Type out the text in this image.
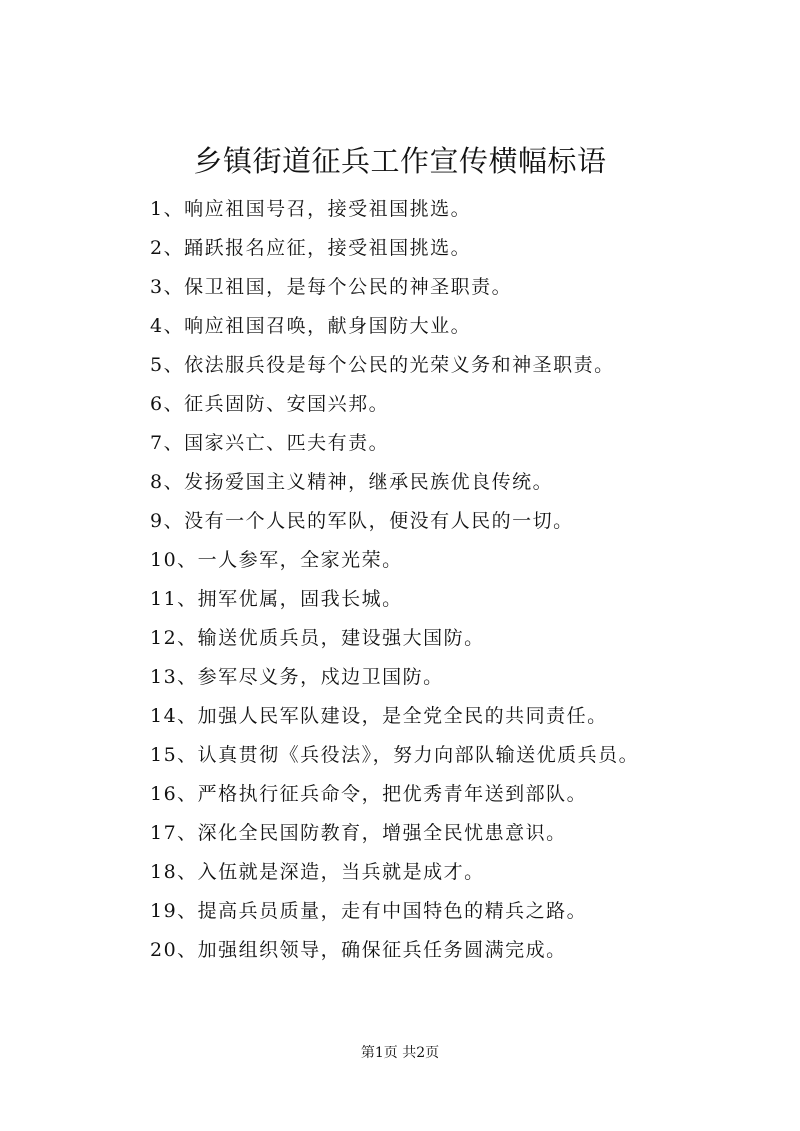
乡镇街道征兵工作宣传横幅标语
1、响应祖国号召，接受祖国挑选。
2、踊跃报名应征，接受祖国挑选。
3、保卫祖国，是每个公民的神圣职责。
4、响应祖国召唤，献身国防大业。
5、依法服兵役是每个公民的光荣义务和神圣职责。
6、征兵固防、安国兴邦。
7、国家兴亡、匹夫有责。
8、发扬爱国主义精神，继承民族优良传统。
9、没有一个人民的军队，便没有人民的一切。
10、一人参军，全家光荣。
11、拥军优属，固我长城。
12、输送优质兵员，建设强大国防。
13、参军尽义务，戍边卫国防。
14、加强人民军队建设，是全党全民的共同责任。
15、认真贯彻《兵役法》，努力向部队输送优质兵员。
16、严格执行征兵命令，把优秀青年送到部队。
17、深化全民国防教育，增强全民忧患意识。
18、入伍就是深造，当兵就是成才。
19、提高兵员质量，走有中国特色的精兵之路。
20、加强组织领导，确保征兵任务圆满完成。
第1页 共2页
